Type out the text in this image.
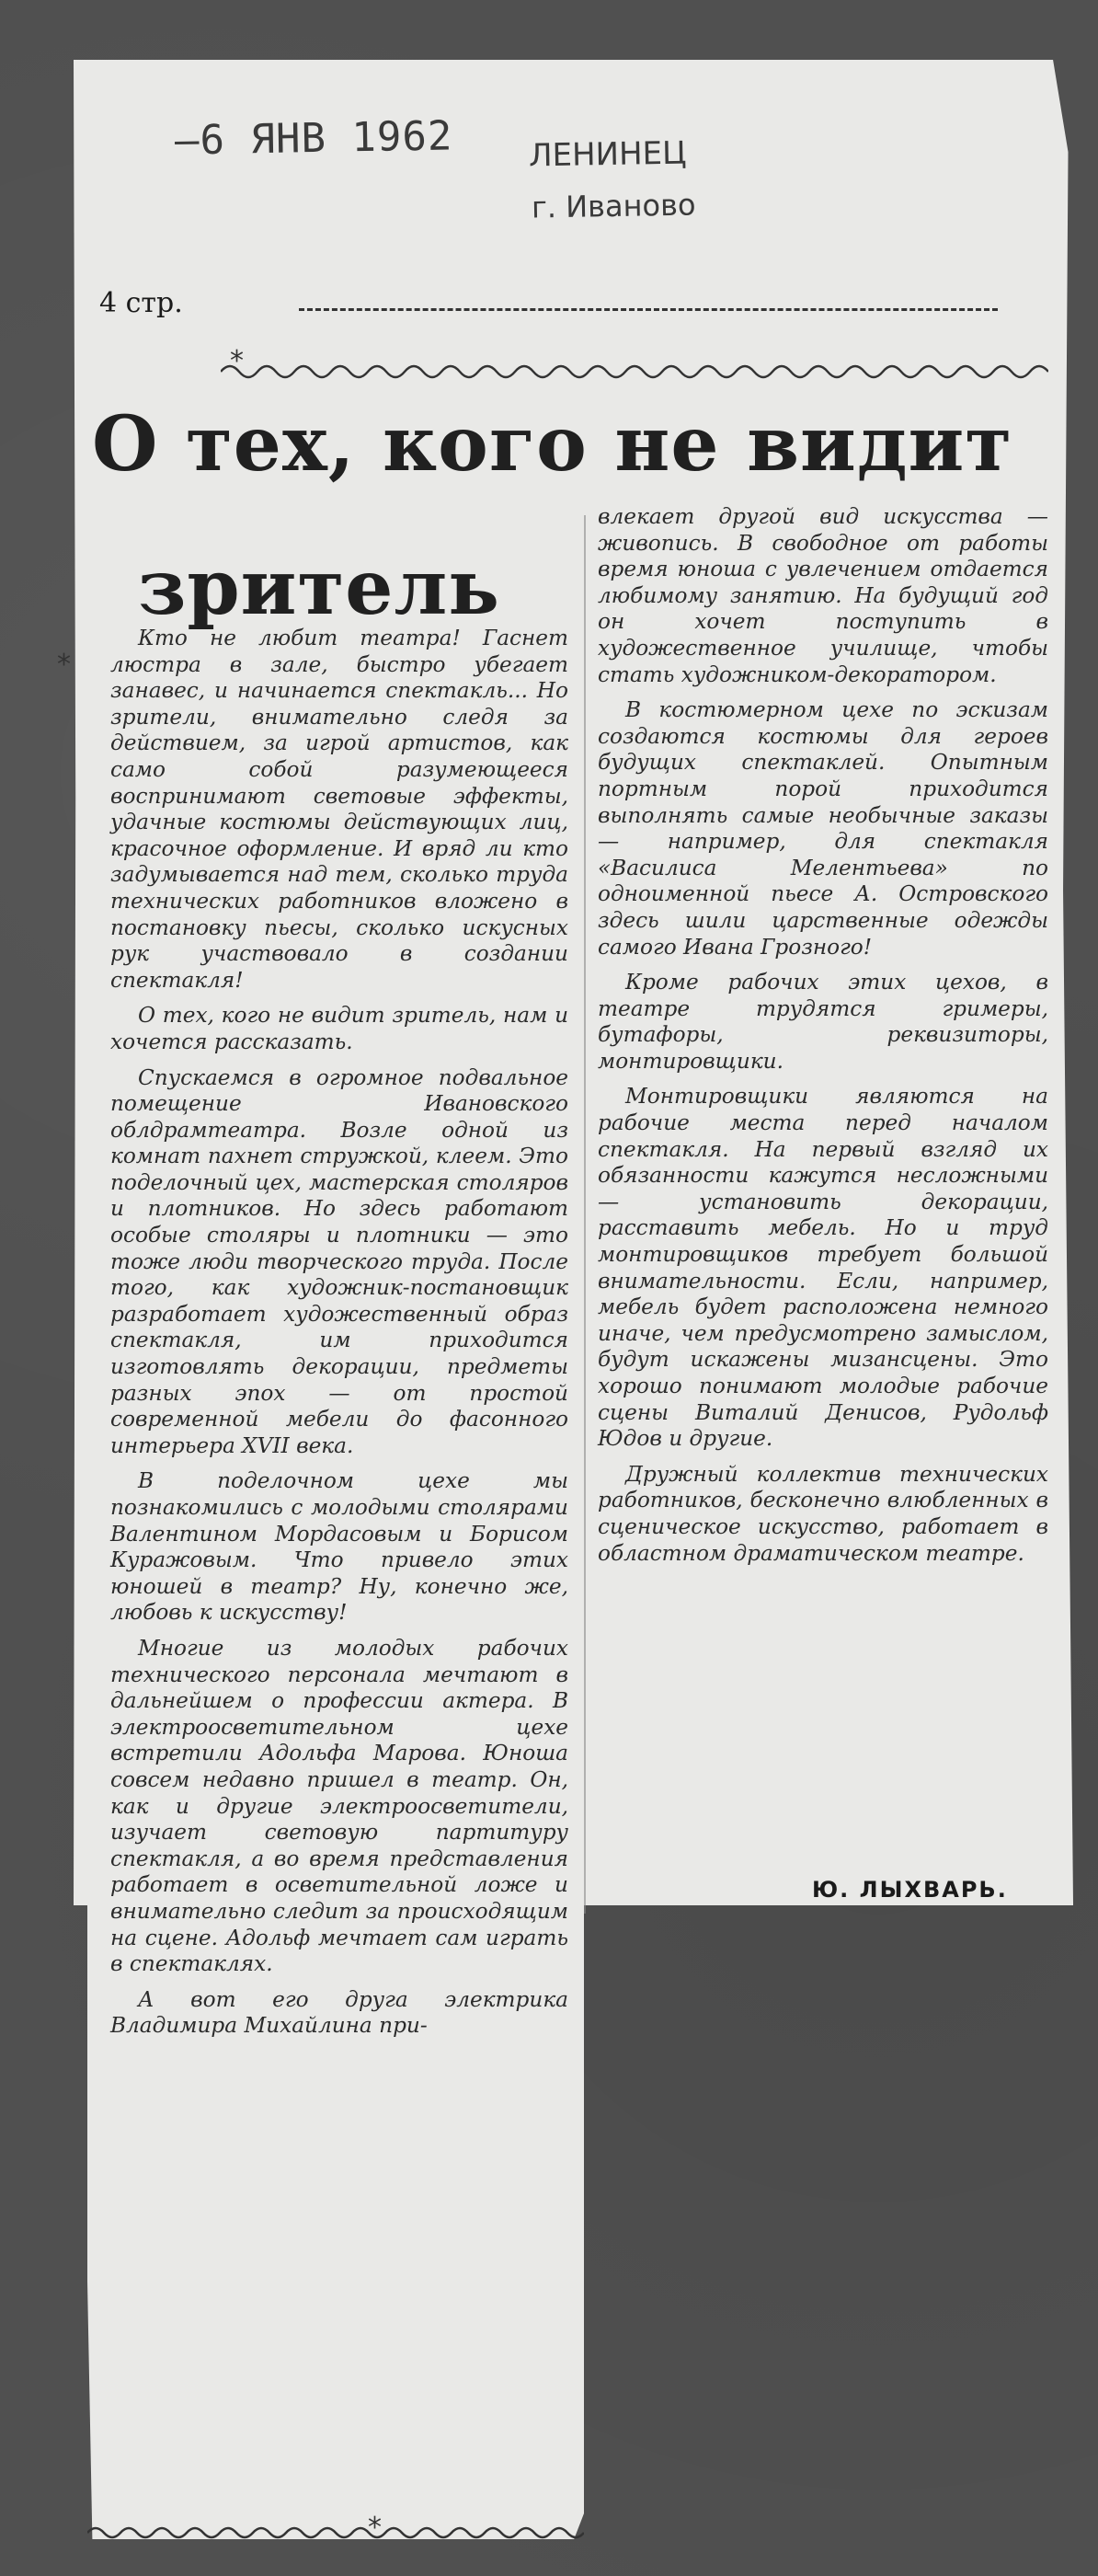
–6 ЯНВ 1962 ЛЕНИНЕЦ
г. Иваново
4 стр.
*
О тех, кого не видит
зритель
*

Кто не любит театра! Гаснет люстра в зале, быстро убегает занавес, и начинается спектакль... Но зрители, внимательно следя за действием, за игрой артистов, как само собой разумеющееся воспринимают световые эффекты, удачные костюмы действующих лиц, красочное оформление. И вряд ли кто задумывается над тем, сколько труда технических работников вложено в постановку пьесы, сколько искусных рук участвовало в создании спектакля!

О тех, кого не видит зритель, нам и хочется рассказать.

Спускаемся в огромное подвальное помещение Ивановского облдрамтеатра. Возле одной из комнат пахнет стружкой, клеем. Это поделочный цех, мастерская столяров и плотников. Но здесь работают особые столяры и плотники — это тоже люди творческого труда. После того, как художник-постановщик разработает художественный образ спектакля, им приходится изготовлять декорации, предметы разных эпох — от простой современной мебели до фасонного интерьера XVII века.

В поделочном цехе мы познакомились с молодыми столярами Валентином Мордасовым и Борисом Куражовым. Что привело этих юношей в театр? Ну, конечно же, любовь к искусству!

Многие из молодых рабочих технического персонала мечтают в дальнейшем о профессии актера. В электроосветительном цехе встретили Адольфа Марова. Юноша совсем недавно пришел в театр. Он, как и другие электроосветители, изучает световую партитуру спектакля, а во время представления работает в осветительной ложе и внимательно следит за происходящим на сцене. Адольф мечтает сам играть в спектаклях.

А вот его друга электрика Владимира Михайлина при-

влекает другой вид искусства — живопись. В свободное от работы время юноша с увлечением отдается любимому занятию. На будущий год он хочет поступить в художественное училище, чтобы стать художником-декоратором.

В костюмерном цехе по эскизам создаются костюмы для героев будущих спектаклей. Опытным портным порой приходится выполнять самые необычные заказы — например, для спектакля «Василиса Мелентьева» по одноименной пьесе А. Островского здесь шили царственные одежды самого Ивана Грозного!

Кроме рабочих этих цехов, в театре трудятся гримеры, бутафоры, реквизиторы, монтировщики.

Монтировщики являются на рабочие места перед началом спектакля. На первый взгляд их обязанности кажутся несложными — установить декорации, расставить мебель. Но и труд монтировщиков требует большой внимательности. Если, например, мебель будет расположена немного иначе, чем предусмотрено замыслом, будут искажены мизансцены. Это хорошо понимают молодые рабочие сцены Виталий Денисов, Рудольф Юдов и другие.

Дружный коллектив технических работников, бесконечно влюбленных в сценическое искусство, работает в областном драматическом театре.

Ю. ЛЫХВАРЬ.
*
